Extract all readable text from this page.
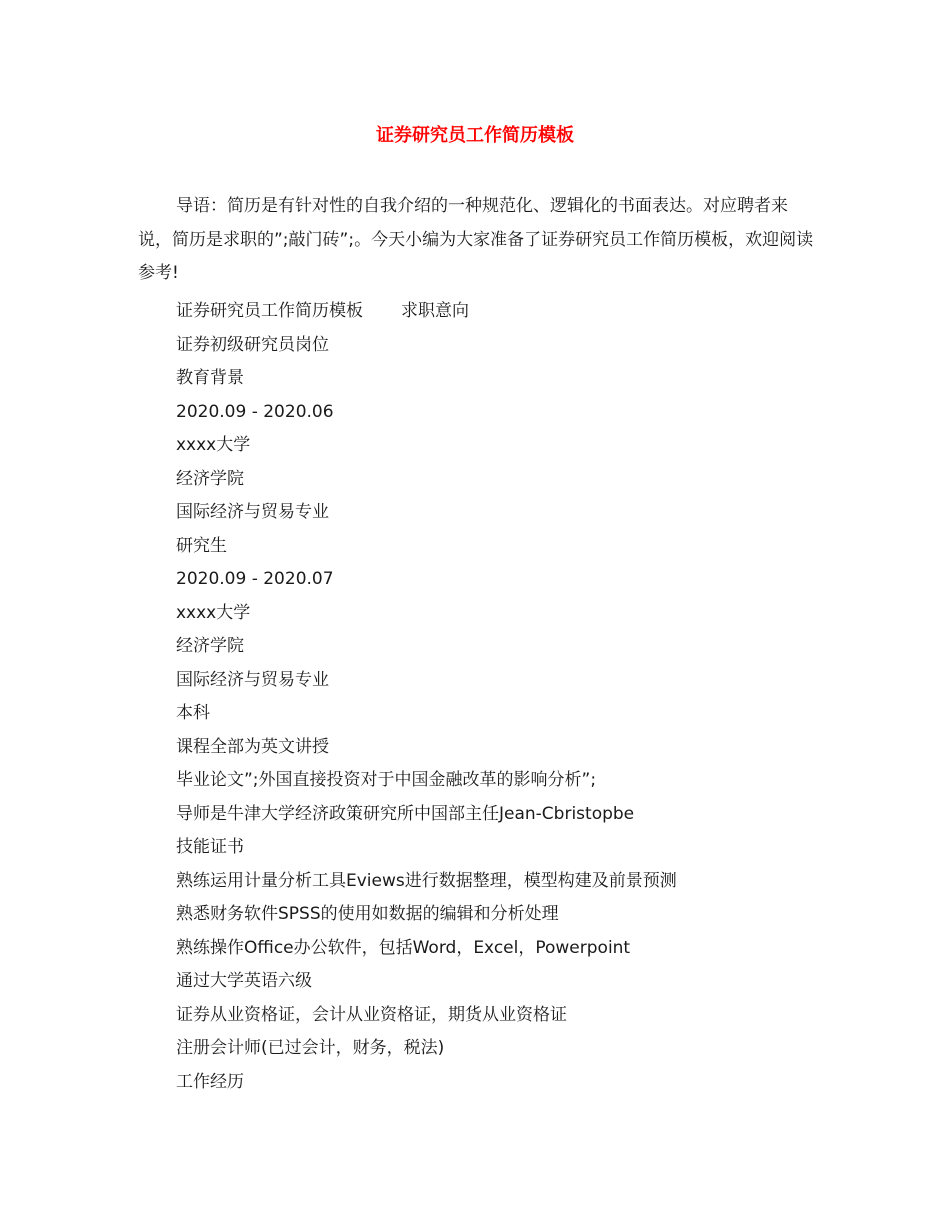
证券研究员工作简历模板

导语：简历是有针对性的自我介绍的一种规范化、逻辑化的书面表达。对应聘者来说，简历是求职的”;敲门砖”;。今天小编为大家准备了证券研究员工作简历模板，欢迎阅读参考!

证券研究员工作简历模板 求职意向
证券初级研究员岗位
教育背景
2020.09 - 2020.06
xxxx大学
经济学院
国际经济与贸易专业
研究生
2020.09 - 2020.07
xxxx大学
经济学院
国际经济与贸易专业
本科
课程全部为英文讲授
毕业论文”;外国直接投资对于中国金融改革的影响分析”;
导师是牛津大学经济政策研究所中国部主任Jean-Cbristopbe
技能证书
熟练运用计量分析工具Eviews进行数据整理，模型构建及前景预测
熟悉财务软件SPSS的使用如数据的编辑和分析处理
熟练操作Office办公软件，包括Word，Excel，Powerpoint
通过大学英语六级
证券从业资格证，会计从业资格证，期货从业资格证
注册会计师(已过会计，财务，税法)
工作经历
